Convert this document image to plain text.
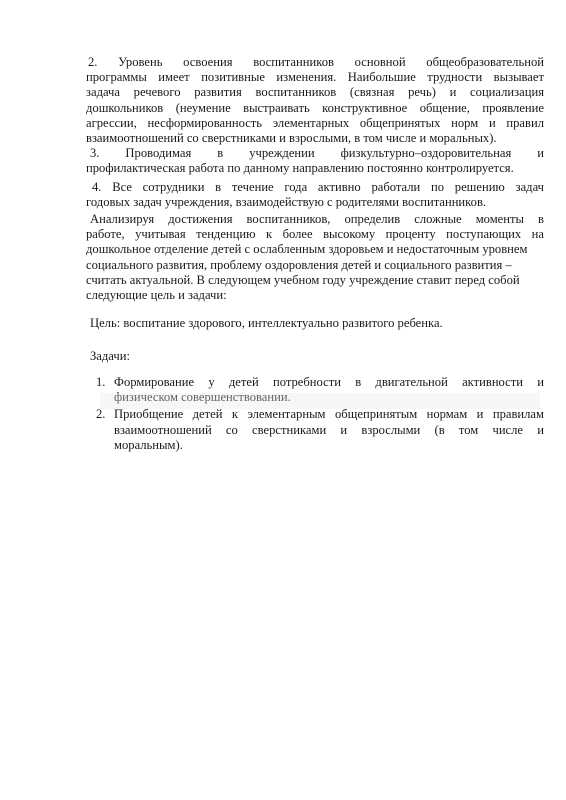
2. Уровень освоения воспитанников основной общеобразовательной
программы имеет позитивные изменения. Наибольшие трудности вызывает
задача речевого развития воспитанников (связная речь) и социализация
дошкольников (неумение выстраивать конструктивное общение, проявление
агрессии, несформированность элементарных общепринятых норм и правил
взаимоотношений со сверстниками и взрослыми, в том числе и моральных).
3. Проводимая в учреждении физкультурно–оздоровительная и
профилактическая работа по данному направлению постоянно контролируется.
4. Все сотрудники в течение года активно работали по решению задач
годовых задач учреждения, взаимодействую с родителями воспитанников.
Анализируя достижения воспитанников, определив сложные моменты в
работе, учитывая тенденцию к более высокому проценту поступающих на
дошкольное отделение детей с ослабленным здоровьем и недостаточным уровнем
социального развития, проблему оздоровления детей и социального развития –
считать актуальной. В следующем учебном году учреждение ставит перед собой
следующие цель и задачи:
Цель: воспитание здорового, интеллектуально развитого ребенка.
Задачи:
1. Формирование у детей потребности в двигательной активности и
физическом совершенствовании.
2. Приобщение детей к элементарным общепринятым нормам и правилам
взаимоотношений со сверстниками и взрослыми (в том числе и
моральным).
